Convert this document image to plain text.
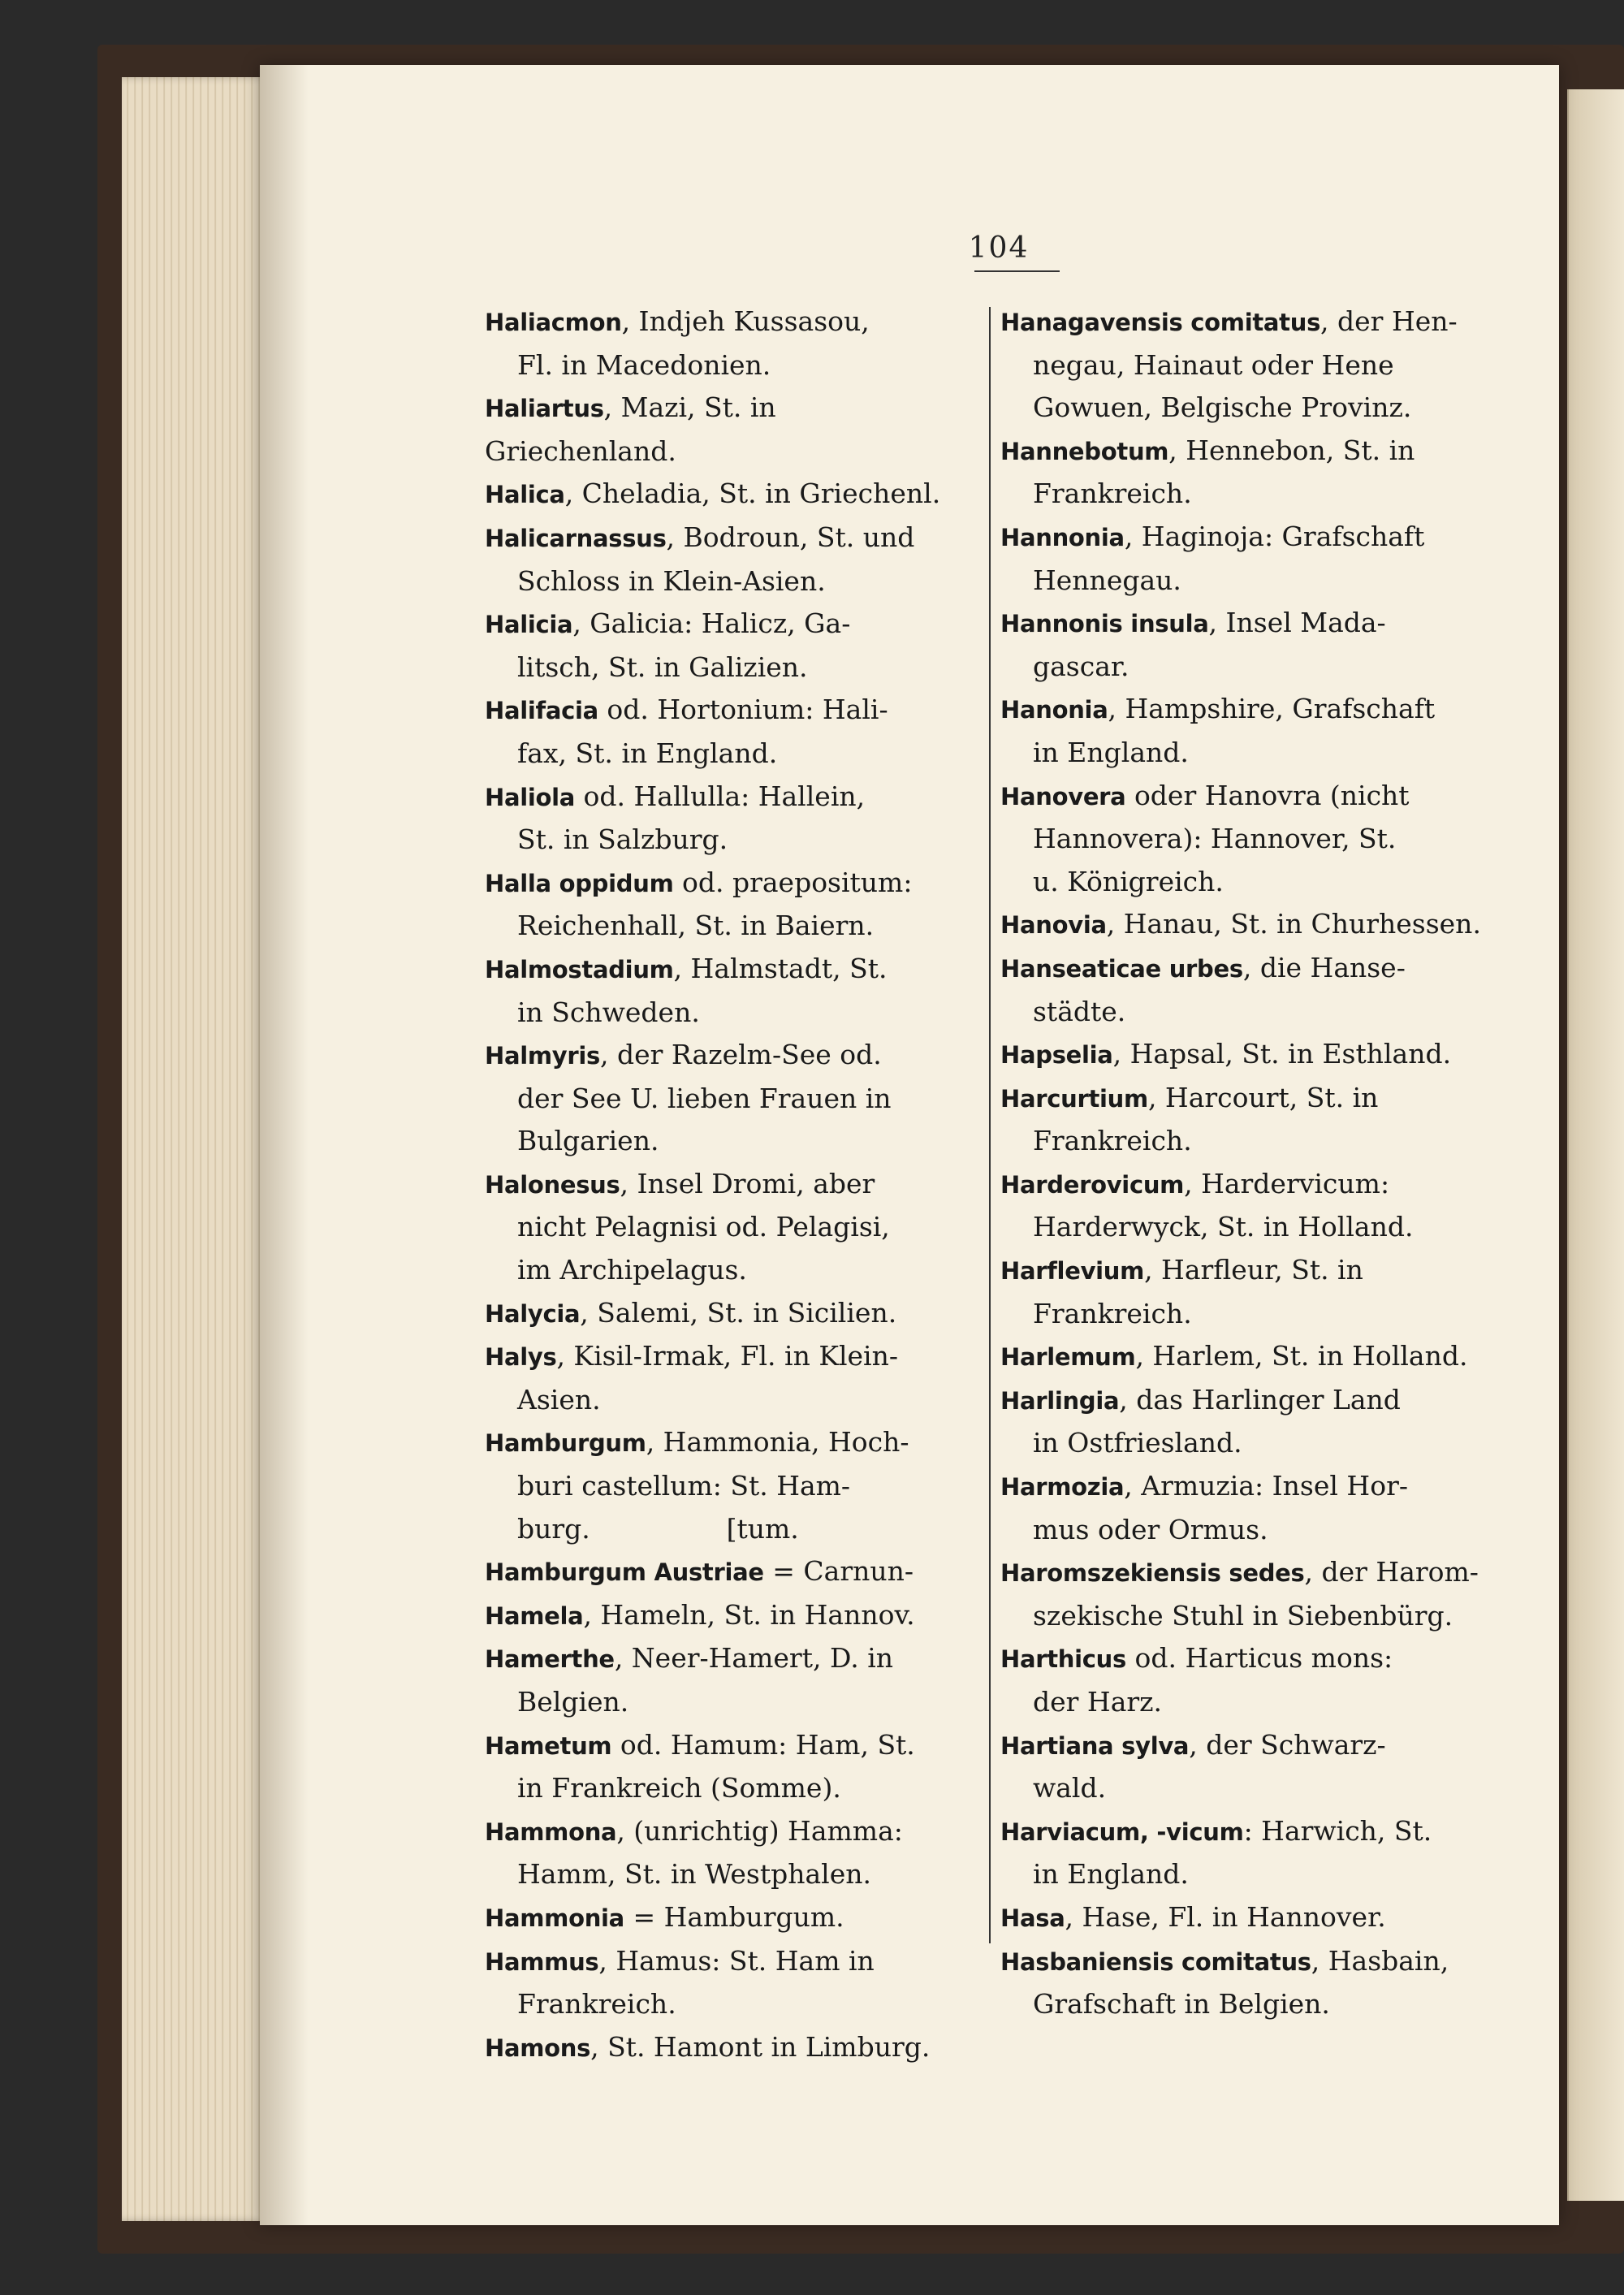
104
Haliacmon, Indjeh Kussasou,
Fl. in Macedonien.
Haliartus, Mazi, St. in Griechenland.
Halica, Cheladia, St. in Griechenl.
Halicarnassus, Bodroun, St. und
Schloss in Klein-Asien.
Halicia, Galicia: Halicz, Ga-
litsch, St. in Galizien.
Halifacia od. Hortonium: Hali-
fax, St. in England.
Haliola od. Hallulla: Hallein,
St. in Salzburg.
Halla oppidum od. praepositum:
Reichenhall, St. in Baiern.
Halmostadium, Halmstadt, St.
in Schweden.
Halmyris, der Razelm-See od.
der See U. lieben Frauen in
Bulgarien.
Halonesus, Insel Dromi, aber
nicht Pelagnisi od. Pelagisi,
im Archipelagus.
Halycia, Salemi, St. in Sicilien.
Halys, Kisil-Irmak, Fl. in Klein-
Asien.
Hamburgum, Hammonia, Hoch-
buri castellum: St. Ham-
burg.                [tum.
Hamburgum Austriae = Carnun-
Hamela, Hameln, St. in Hannov.
Hamerthe, Neer-Hamert, D. in
Belgien.
Hametum od. Hamum: Ham, St.
in Frankreich (Somme).
Hammona, (unrichtig) Hamma:
Hamm, St. in Westphalen.
Hammonia = Hamburgum.
Hammus, Hamus: St. Ham in
Frankreich.
Hamons, St. Hamont in Limburg.
Hanagavensis comitatus, der Hen-
negau, Hainaut oder Hene
Gowuen, Belgische Provinz.
Hannebotum, Hennebon, St. in
Frankreich.
Hannonia, Haginoja: Grafschaft
Hennegau.
Hannonis insula, Insel Mada-
gascar.
Hanonia, Hampshire, Grafschaft
in England.
Hanovera oder Hanovra (nicht
Hannovera): Hannover, St.
u. Königreich.
Hanovia, Hanau, St. in Churhessen.
Hanseaticae urbes, die Hanse-
städte.
Hapselia, Hapsal, St. in Esthland.
Harcurtium, Harcourt, St. in
Frankreich.
Harderovicum, Hardervicum:
Harderwyck, St. in Holland.
Harflevium, Harfleur, St. in
Frankreich.
Harlemum, Harlem, St. in Holland.
Harlingia, das Harlinger Land
in Ostfriesland.
Harmozia, Armuzia: Insel Hor-
mus oder Ormus.
Haromszekiensis sedes, der Harom-
szekische Stuhl in Siebenbürg.
Harthicus od. Harticus mons:
der Harz.
Hartiana sylva, der Schwarz-
wald.
Harviacum, -vicum: Harwich, St.
in England.
Hasa, Hase, Fl. in Hannover.
Hasbaniensis comitatus, Hasbain,
Grafschaft in Belgien.
